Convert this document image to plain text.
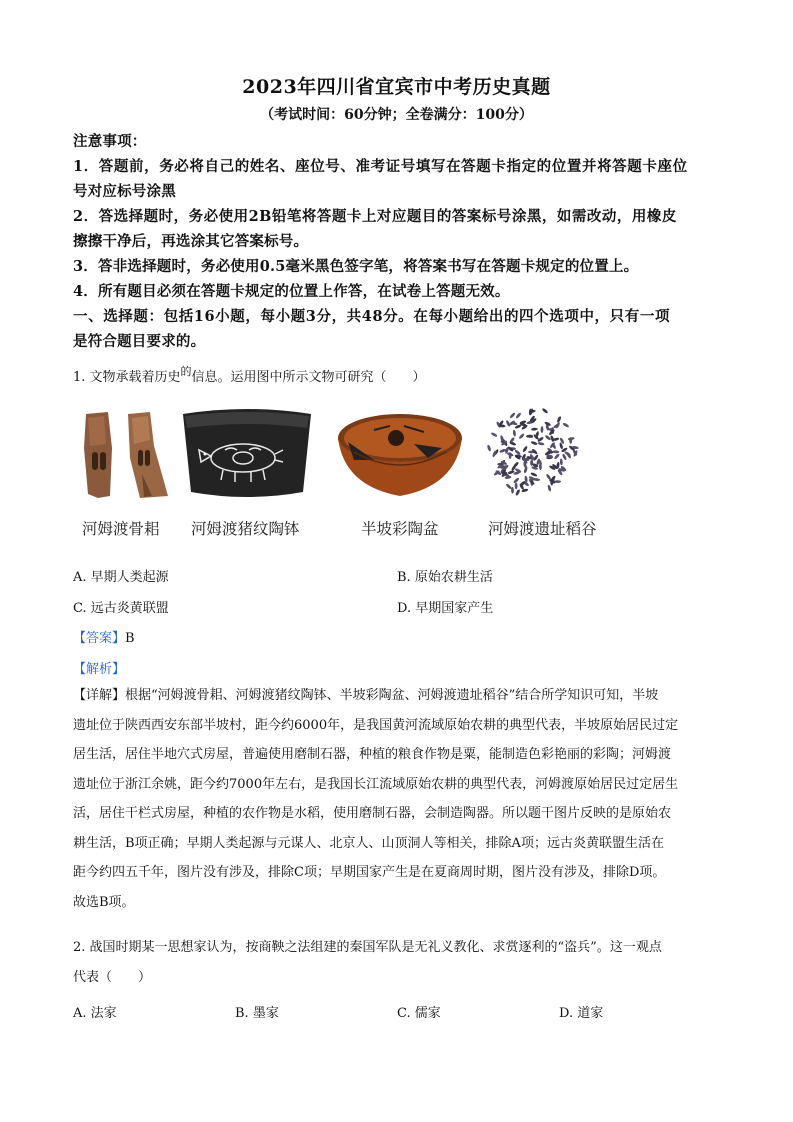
2023年四川省宜宾市中考历史真题
（考试时间：60分钟；全卷满分：100分）
注意事项：
1．答题前，务必将自己的姓名、座位号、准考证号填写在答题卡指定的位置并将答题卡座位
号对应标号涂黑
2．答选择题时，务必使用2B铅笔将答题卡上对应题目的答案标号涂黑，如需改动，用橡皮
擦擦干净后，再选涂其它答案标号。
3．答非选择题时，务必使用0.5毫米黑色签字笔，将答案书写在答题卡规定的位置上。
4．所有题目必须在答题卡规定的位置上作答，在试卷上答题无效。
一、选择题：包括16小题，每小题3分，共48分。在每小题给出的四个选项中，只有一项
是符合题目要求的。
1. 文物承载着历史$^的$信息。运用图中所示文物可研究（　　）
河姆渡骨耜 河姆渡猪纹陶钵	半坡彩陶盆	河姆渡遗址稻谷
A. 早期人类起源	B. 原始农耕生活
C. 远古炎黄联盟	D. 早期国家产生
【答案】B
【解析】
【详解】根据“河姆渡骨耜、河姆渡猪纹陶钵、半坡彩陶盆、河姆渡遗址稻谷”结合所学知识可知，半坡
遗址位于陕西西安东部半坡村，距今约6000年，是我国黄河流域原始农耕的典型代表，半坡原始居民过定
居生活，居住半地穴式房屋，普遍使用磨制石器，种植的粮食作物是粟，能制造色彩艳丽的彩陶；河姆渡
遗址位于浙江余姚，距今约7000年左右，是我国长江流域原始农耕的典型代表，河姆渡原始居民过定居生
活，居住干栏式房屋，种植的农作物是水稻，使用磨制石器，会制造陶器。所以题干图片反映的是原始农
耕生活，B项正确；早期人类起源与元谋人、北京人、山顶洞人等相关，排除A项；远古炎黄联盟生活在
距今约四五千年，图片没有涉及，排除C项；早期国家产生是在夏商周时期，图片没有涉及，排除D项。
故选B项。
2. 战国时期某一思想家认为，按商鞅之法组建的秦国军队是无礼义教化、求赏逐利的“盗兵”。这一观点
代表（　　）
A. 法家	B. 墨家	C. 儒家	D. 道家
